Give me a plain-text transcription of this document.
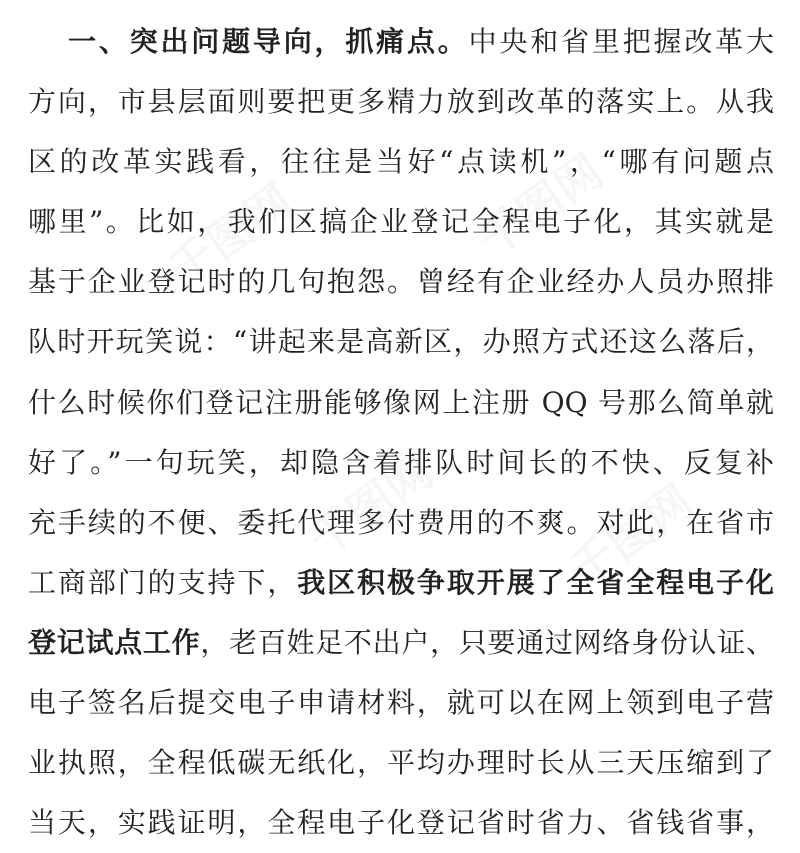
千图网	千图网
千图网	千图网
一、突出问题导向，抓痛点。中央和省里把握改革大
方向，市县层面则要把更多精力放到改革的落实上。从我
区的改革实践看，往往是当好“点读机”，“哪有问题点
哪里”。比如，我们区搞企业登记全程电子化，其实就是
基于企业登记时的几句抱怨。曾经有企业经办人员办照排
队时开玩笑说：“讲起来是高新区，办照方式还这么落后，
什么时候你们登记注册能够像网上注册 QQ 号那么简单就
好了。”一句玩笑，却隐含着排队时间长的不快、反复补
充手续的不便、委托代理多付费用的不爽。对此，在省市
工商部门的支持下，我区积极争取开展了全省全程电子化
登记试点工作，老百姓足不出户，只要通过网络身份认证、
电子签名后提交电子申请材料，就可以在网上领到电子营
业执照，全程低碳无纸化，平均办理时长从三天压缩到了
当天，实践证明，全程电子化登记省时省力、省钱省事，
